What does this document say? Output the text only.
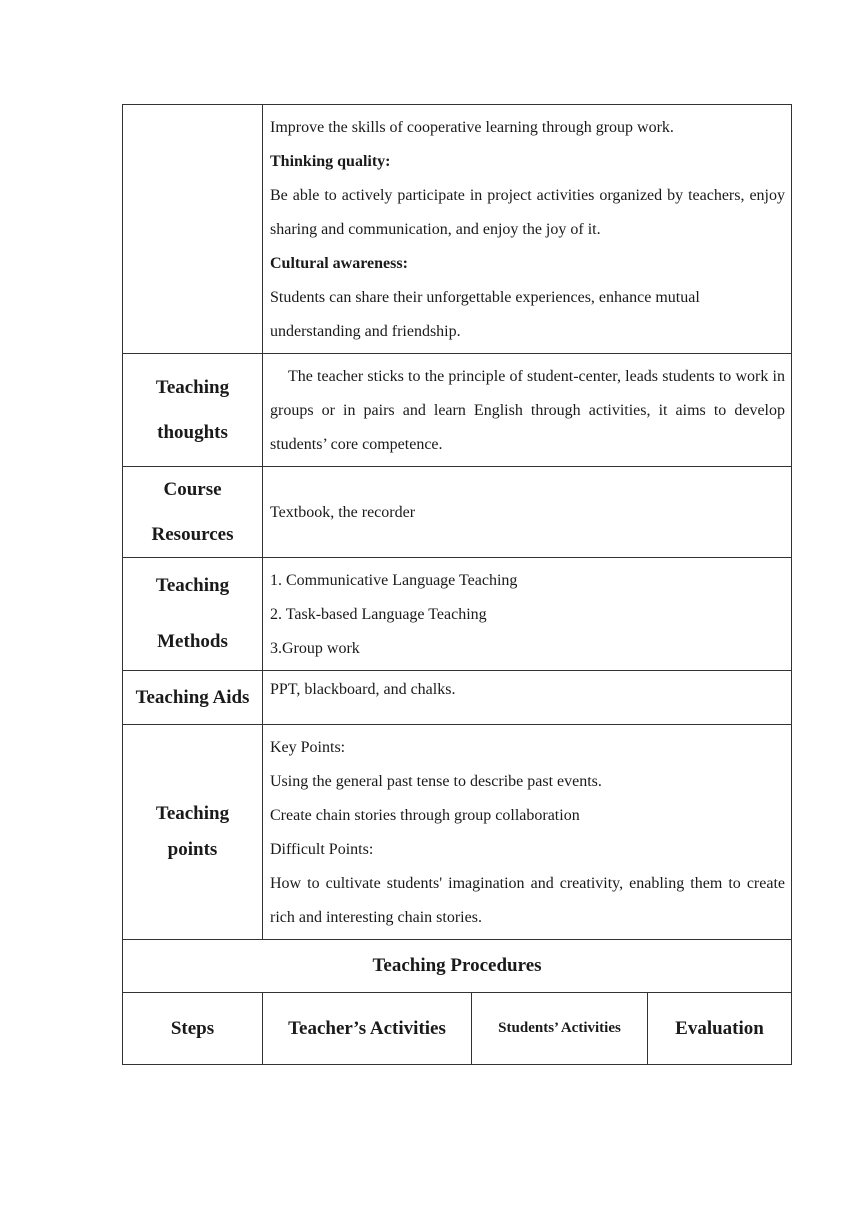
	Improve the skills of cooperative learning through group work.
Thinking quality:
Be able to actively participate in project activities organized by teachers, enjoy sharing and communication, and enjoy the joy of it.
Cultural awareness:
Students can share their unforgettable experiences, enhance mutual understanding and friendship.		

Teaching
thoughts	The teacher sticks to the principle of student-center, leads students to work in groups or in pairs and learn English through activities, it aims to develop students’ core competence.		

Course
Resources	Textbook, the recorder		

Teaching
Methods	1. Communicative Language Teaching
2. Task-based Language Teaching
3.Group work		

Teaching Aids	PPT, blackboard, and chalks.		

Teaching
points	Key Points:
Using the general past tense to describe past events.
Create chain stories through group collaboration
Difficult Points:
How to cultivate students' imagination and creativity, enabling them to create rich and interesting chain stories.		

Teaching Procedures			
Steps	Teacher’s Activities	Students’ Activities	Evaluation
